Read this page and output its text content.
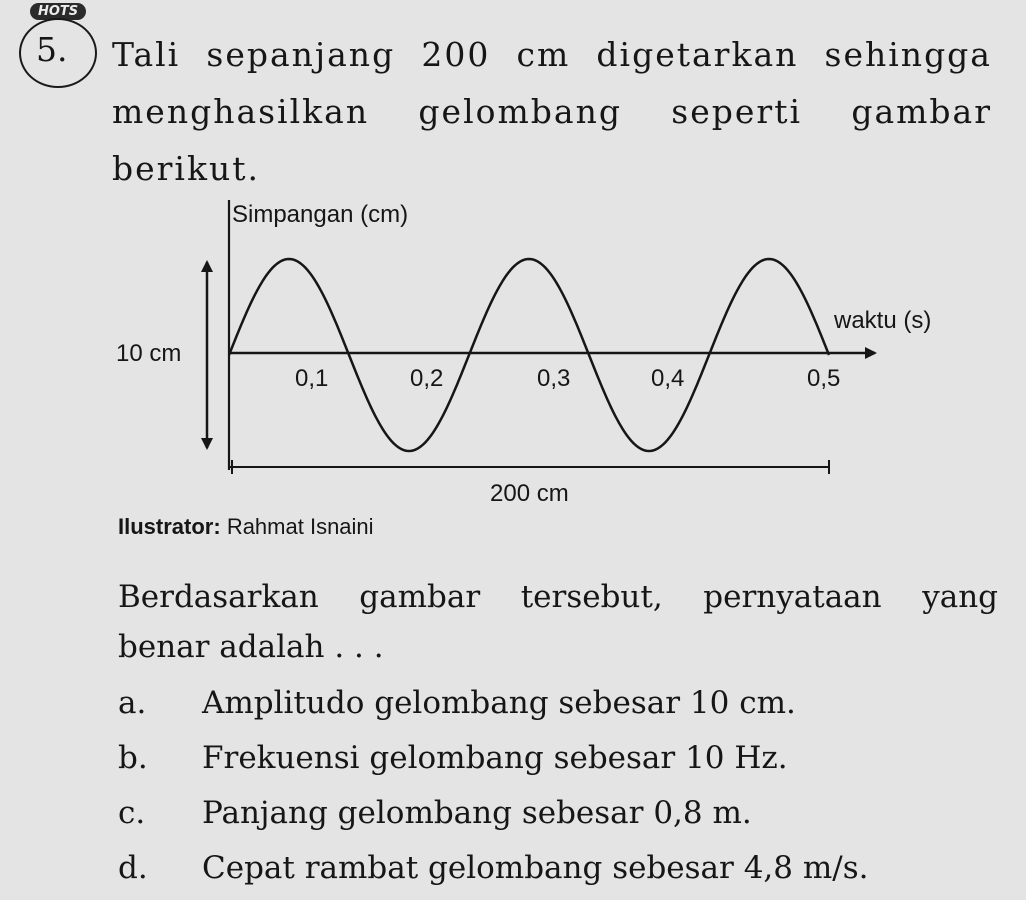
HOTS
5. Tali sepanjang 200 cm digetarkan sehingga
menghasilkan gelombang seperti gambar
berikut.

Simpangan (cm)
waktu (s)
10 cm
200 cm
0,1	0,2	0,3	0,4	0,5
Ilustrator: Rahmat Isnaini

Berdasarkan gambar tersebut, pernyataan yang
benar adalah . . .

a. Amplitudo gelombang sebesar 10 cm.
b. Frekuensi gelombang sebesar 10 Hz.
c. Panjang gelombang sebesar 0,8 m.
d. Cepat rambat gelombang sebesar 4,8 m/s.
